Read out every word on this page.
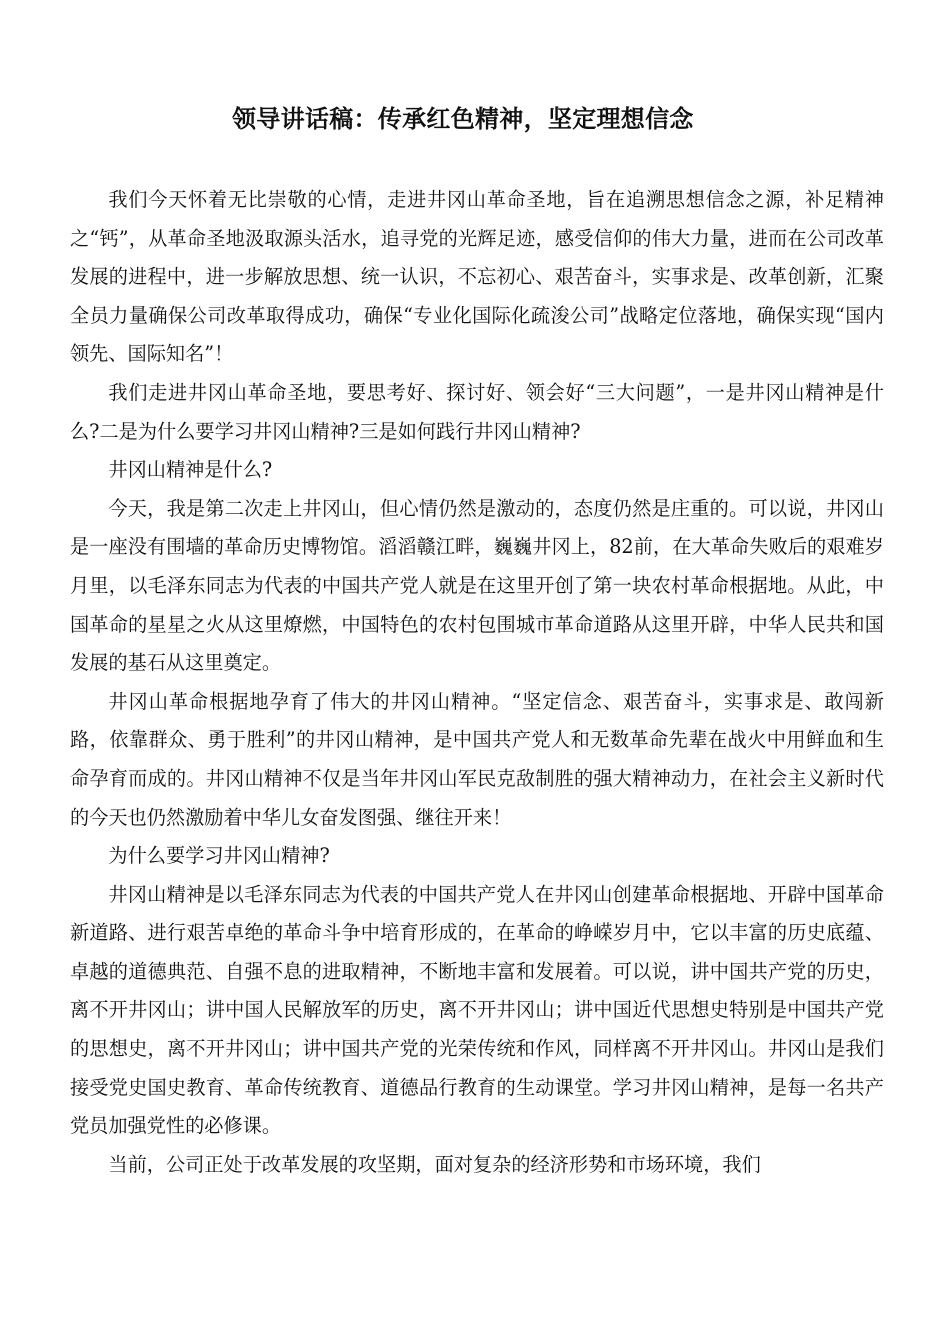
领导讲话稿：传承红色精神，坚定理想信念

我们今天怀着无比崇敬的心情，走进井冈山革命圣地，旨在追溯思想信念之源，补足精神之“钙”，从革命圣地汲取源头活水，追寻党的光辉足迹，感受信仰的伟大力量，进而在公司改革发展的进程中，进一步解放思想、统一认识，不忘初心、艰苦奋斗，实事求是、改革创新，汇聚全员力量确保公司改革取得成功，确保“专业化国际化疏浚公司”战略定位落地，确保实现“国内领先、国际知名”！

我们走进井冈山革命圣地，要思考好、探讨好、领会好“三大问题”，一是井冈山精神是什么?二是为什么要学习井冈山精神?三是如何践行井冈山精神?

井冈山精神是什么?

今天，我是第二次走上井冈山，但心情仍然是激动的，态度仍然是庄重的。可以说，井冈山是一座没有围墙的革命历史博物馆。滔滔赣江畔，巍巍井冈上，82前，在大革命失败后的艰难岁月里，以毛泽东同志为代表的中国共产党人就是在这里开创了第一块农村革命根据地。从此，中国革命的星星之火从这里燎燃，中国特色的农村包围城市革命道路从这里开辟，中华人民共和国发展的基石从这里奠定。

井冈山革命根据地孕育了伟大的井冈山精神。“坚定信念、艰苦奋斗，实事求是、敢闯新路，依靠群众、勇于胜利”的井冈山精神，是中国共产党人和无数革命先辈在战火中用鲜血和生命孕育而成的。井冈山精神不仅是当年井冈山军民克敌制胜的强大精神动力，在社会主义新时代的今天也仍然激励着中华儿女奋发图强、继往开来！

为什么要学习井冈山精神?

井冈山精神是以毛泽东同志为代表的中国共产党人在井冈山创建革命根据地、开辟中国革命新道路、进行艰苦卓绝的革命斗争中培育形成的，在革命的峥嵘岁月中，它以丰富的历史底蕴、卓越的道德典范、自强不息的进取精神，不断地丰富和发展着。可以说，讲中国共产党的历史，离不开井冈山；讲中国人民解放军的历史，离不开井冈山；讲中国近代思想史特别是中国共产党的思想史，离不开井冈山；讲中国共产党的光荣传统和作风，同样离不开井冈山。井冈山是我们接受党史国史教育、革命传统教育、道德品行教育的生动课堂。学习井冈山精神，是每一名共产党员加强党性的必修课。

当前，公司正处于改革发展的攻坚期，面对复杂的经济形势和市场环境，我们
